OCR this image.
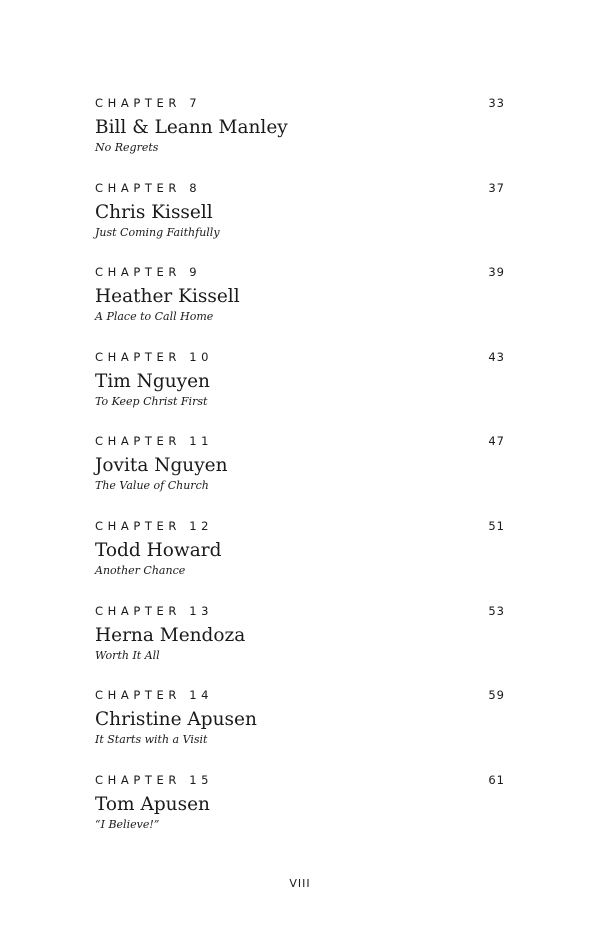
CHAPTER 7	33
Bill & Leann Manley
No Regrets
CHAPTER 8	37
Chris Kissell
Just Coming Faithfully
CHAPTER 9	39
Heather Kissell
A Place to Call Home
CHAPTER 10	43
Tim Nguyen
To Keep Christ First
CHAPTER 11	47
Jovita Nguyen
The Value of Church
CHAPTER 12	51
Todd Howard
Another Chance
CHAPTER 13	53
Herna Mendoza
Worth It All
CHAPTER 14	59
Christine Apusen
It Starts with a Visit
CHAPTER 15	61
Tom Apusen
“I Believe!”
VIII
